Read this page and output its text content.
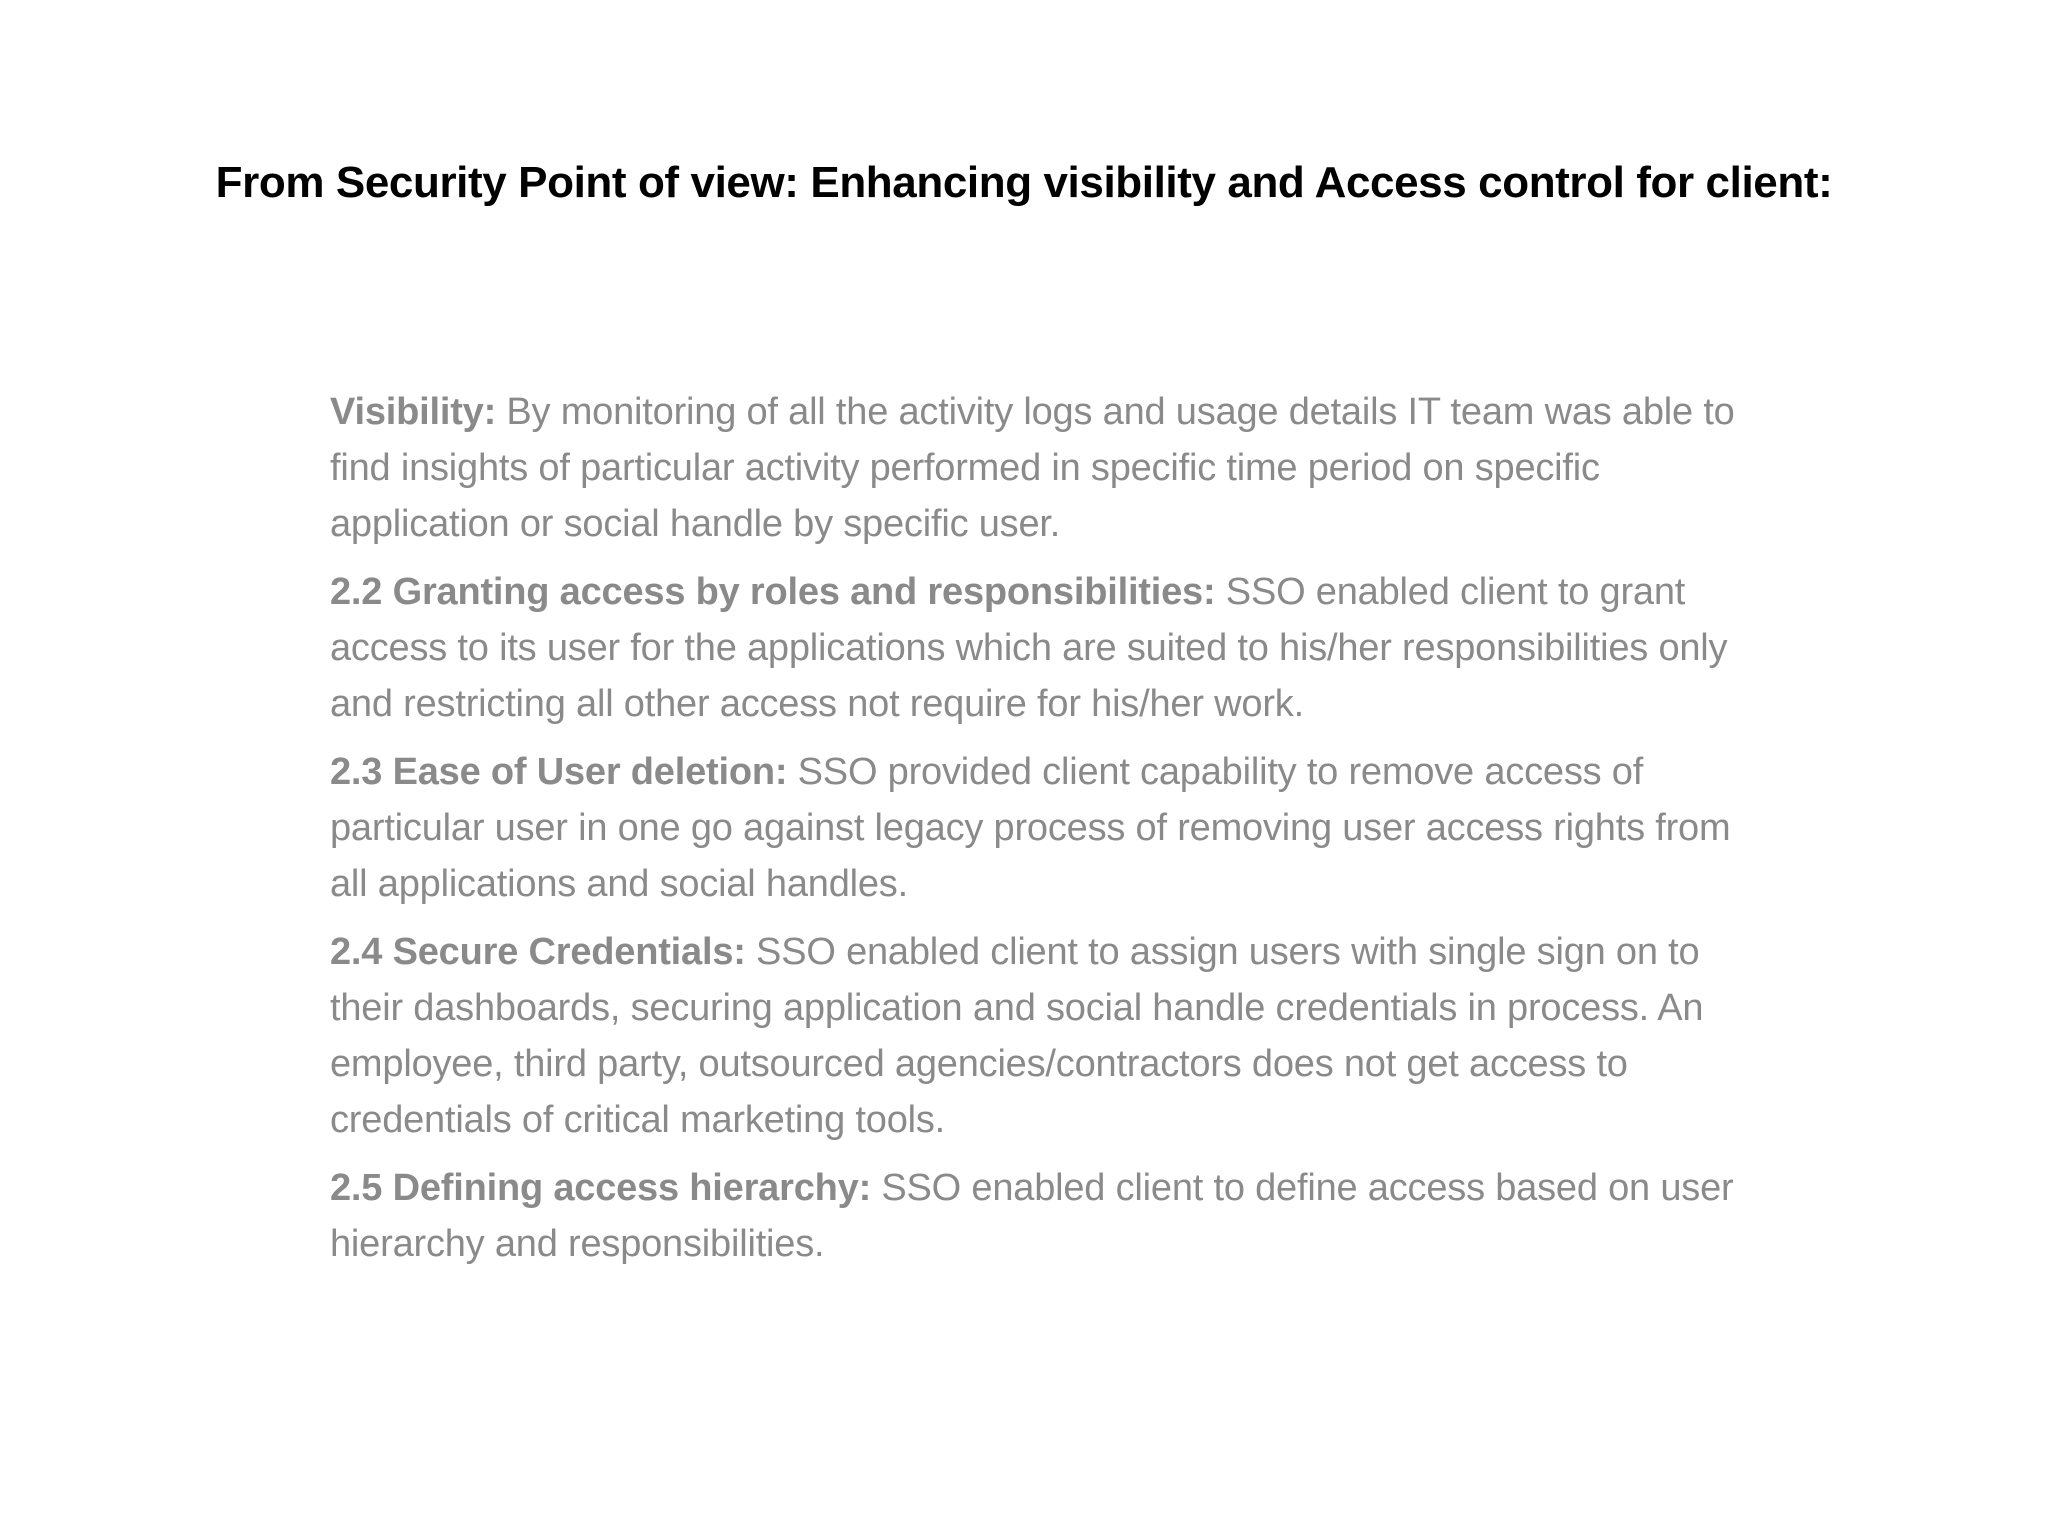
From Security Point of view: Enhancing visibility and Access control for client:

Visibility: By monitoring of all the activity logs and usage details IT team was able to find insights of particular activity performed in specific time period on specific application or social handle by specific user.

2.2 Granting access by roles and responsibilities: SSO enabled client to grant access to its user for the applications which are suited to his/her responsibilities only and restricting all other access not require for his/her work.

2.3 Ease of User deletion: SSO provided client capability to remove access of particular user in one go against legacy process of removing user access rights from all applications and social handles.

2.4 Secure Credentials: SSO enabled client to assign users with single sign on to their dashboards, securing application and social handle credentials in process. An employee, third party, outsourced agencies/contractors does not get access to credentials of critical marketing tools.

2.5 Defining access hierarchy: SSO enabled client to define access based on user hierarchy and responsibilities.
